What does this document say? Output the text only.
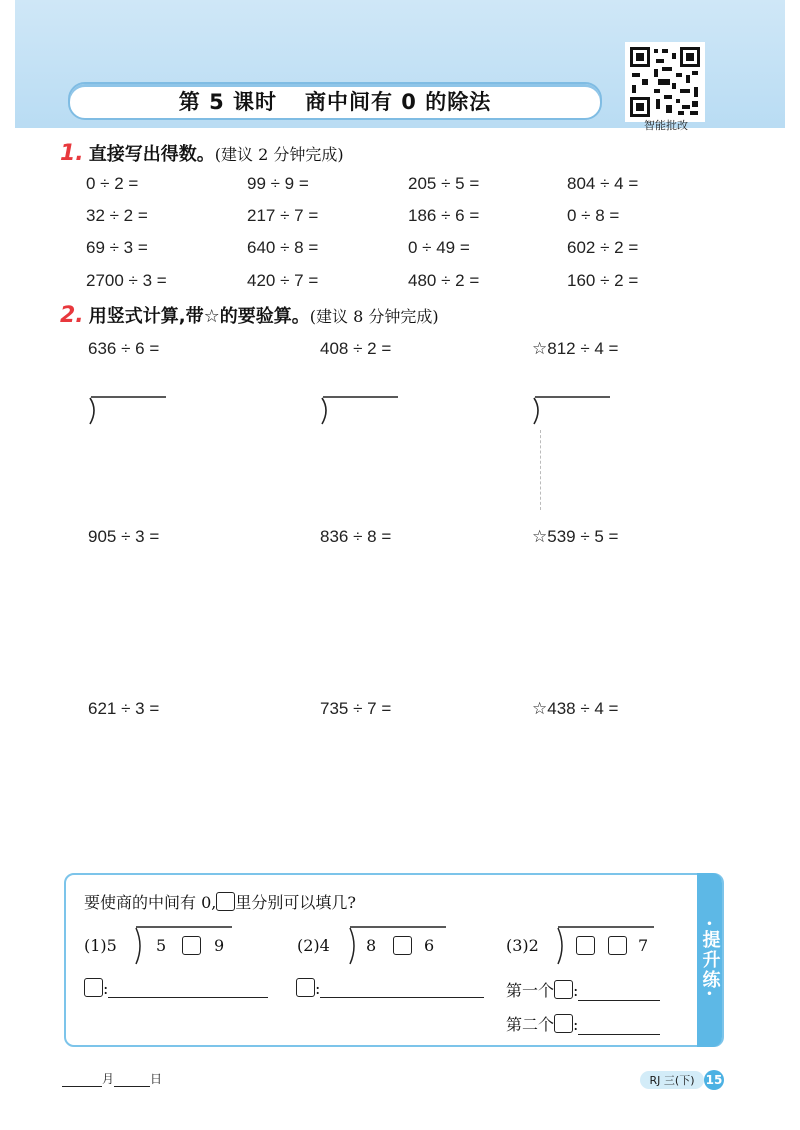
第 5 课时 商中间有 0 的除法
智能批改
1. 直接写出得数。(建议 2 分钟完成)
0 ÷ 2 =	99 ÷ 9 =	205 ÷ 5 =	804 ÷ 4 =
32 ÷ 2 =	217 ÷ 7 =	186 ÷ 6 =	0 ÷ 8 =
69 ÷ 3 =	640 ÷ 8 =	0 ÷ 49 =	602 ÷ 2 =
2700 ÷ 3 =	420 ÷ 7 =	480 ÷ 2 =	160 ÷ 2 =
2. 用竖式计算,带☆的要验算。(建议 8 分钟完成)
636 ÷ 6 =	408 ÷ 2 =	☆812 ÷ 4 =
905 ÷ 3 =	836 ÷ 8 =	☆539 ÷ 5 =
621 ÷ 3 =	735 ÷ 7 =	☆438 ÷ 4 =
•
提升练
•
要使商的中间有 0, 里分别可以填几?
(1)5 5	9	(2)4 8	6	(3)2	7
:	:	第一个 :
第二个 :
月	日	RJ 三(下) 15
